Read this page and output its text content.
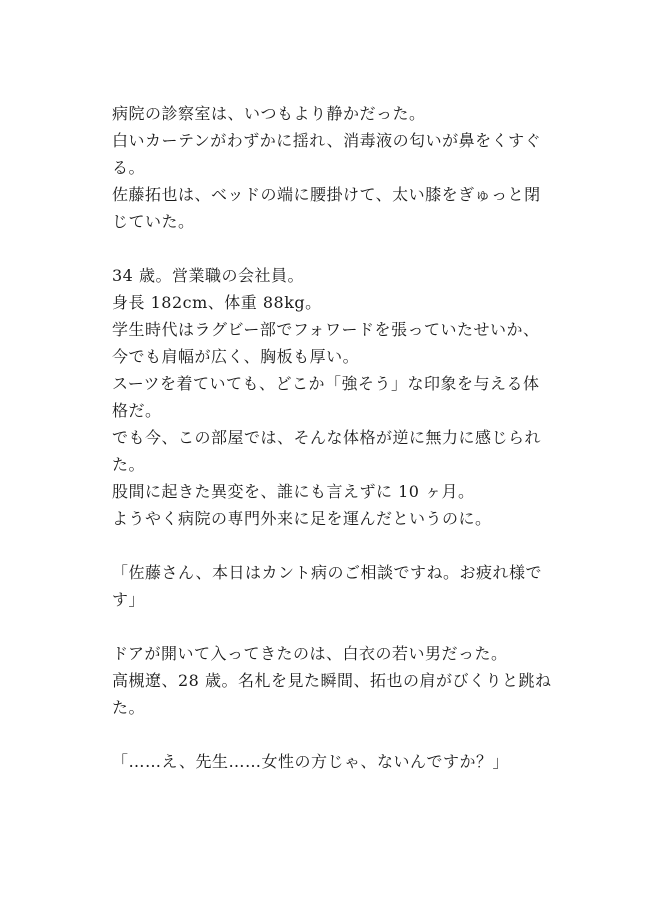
病院の診察室は、いつもより静かだった。

白いカーテンがわずかに揺れ、消毒液の匂いが鼻をくすぐる。

佐藤拓也は、ベッドの端に腰掛けて、太い膝をぎゅっと閉じていた。

34 歳。営業職の会社員。

身長 182cm、体重 88kg。

学生時代はラグビー部でフォワードを張っていたせいか、今でも肩幅が広く、胸板も厚い。

スーツを着ていても、どこか「強そう」な印象を与える体格だ。

でも今、この部屋では、そんな体格が逆に無力に感じられた。

股間に起きた異変を、誰にも言えずに 10 ヶ月。

ようやく病院の専門外来に足を運んだというのに。

「佐藤さん、本日はカント病のご相談ですね。お疲れ様です」

ドアが開いて入ってきたのは、白衣の若い男だった。

高槻遼、28 歳。名札を見た瞬間、拓也の肩がびくりと跳ねた。

「……え、先生……女性の方じゃ、ないんですか？」
